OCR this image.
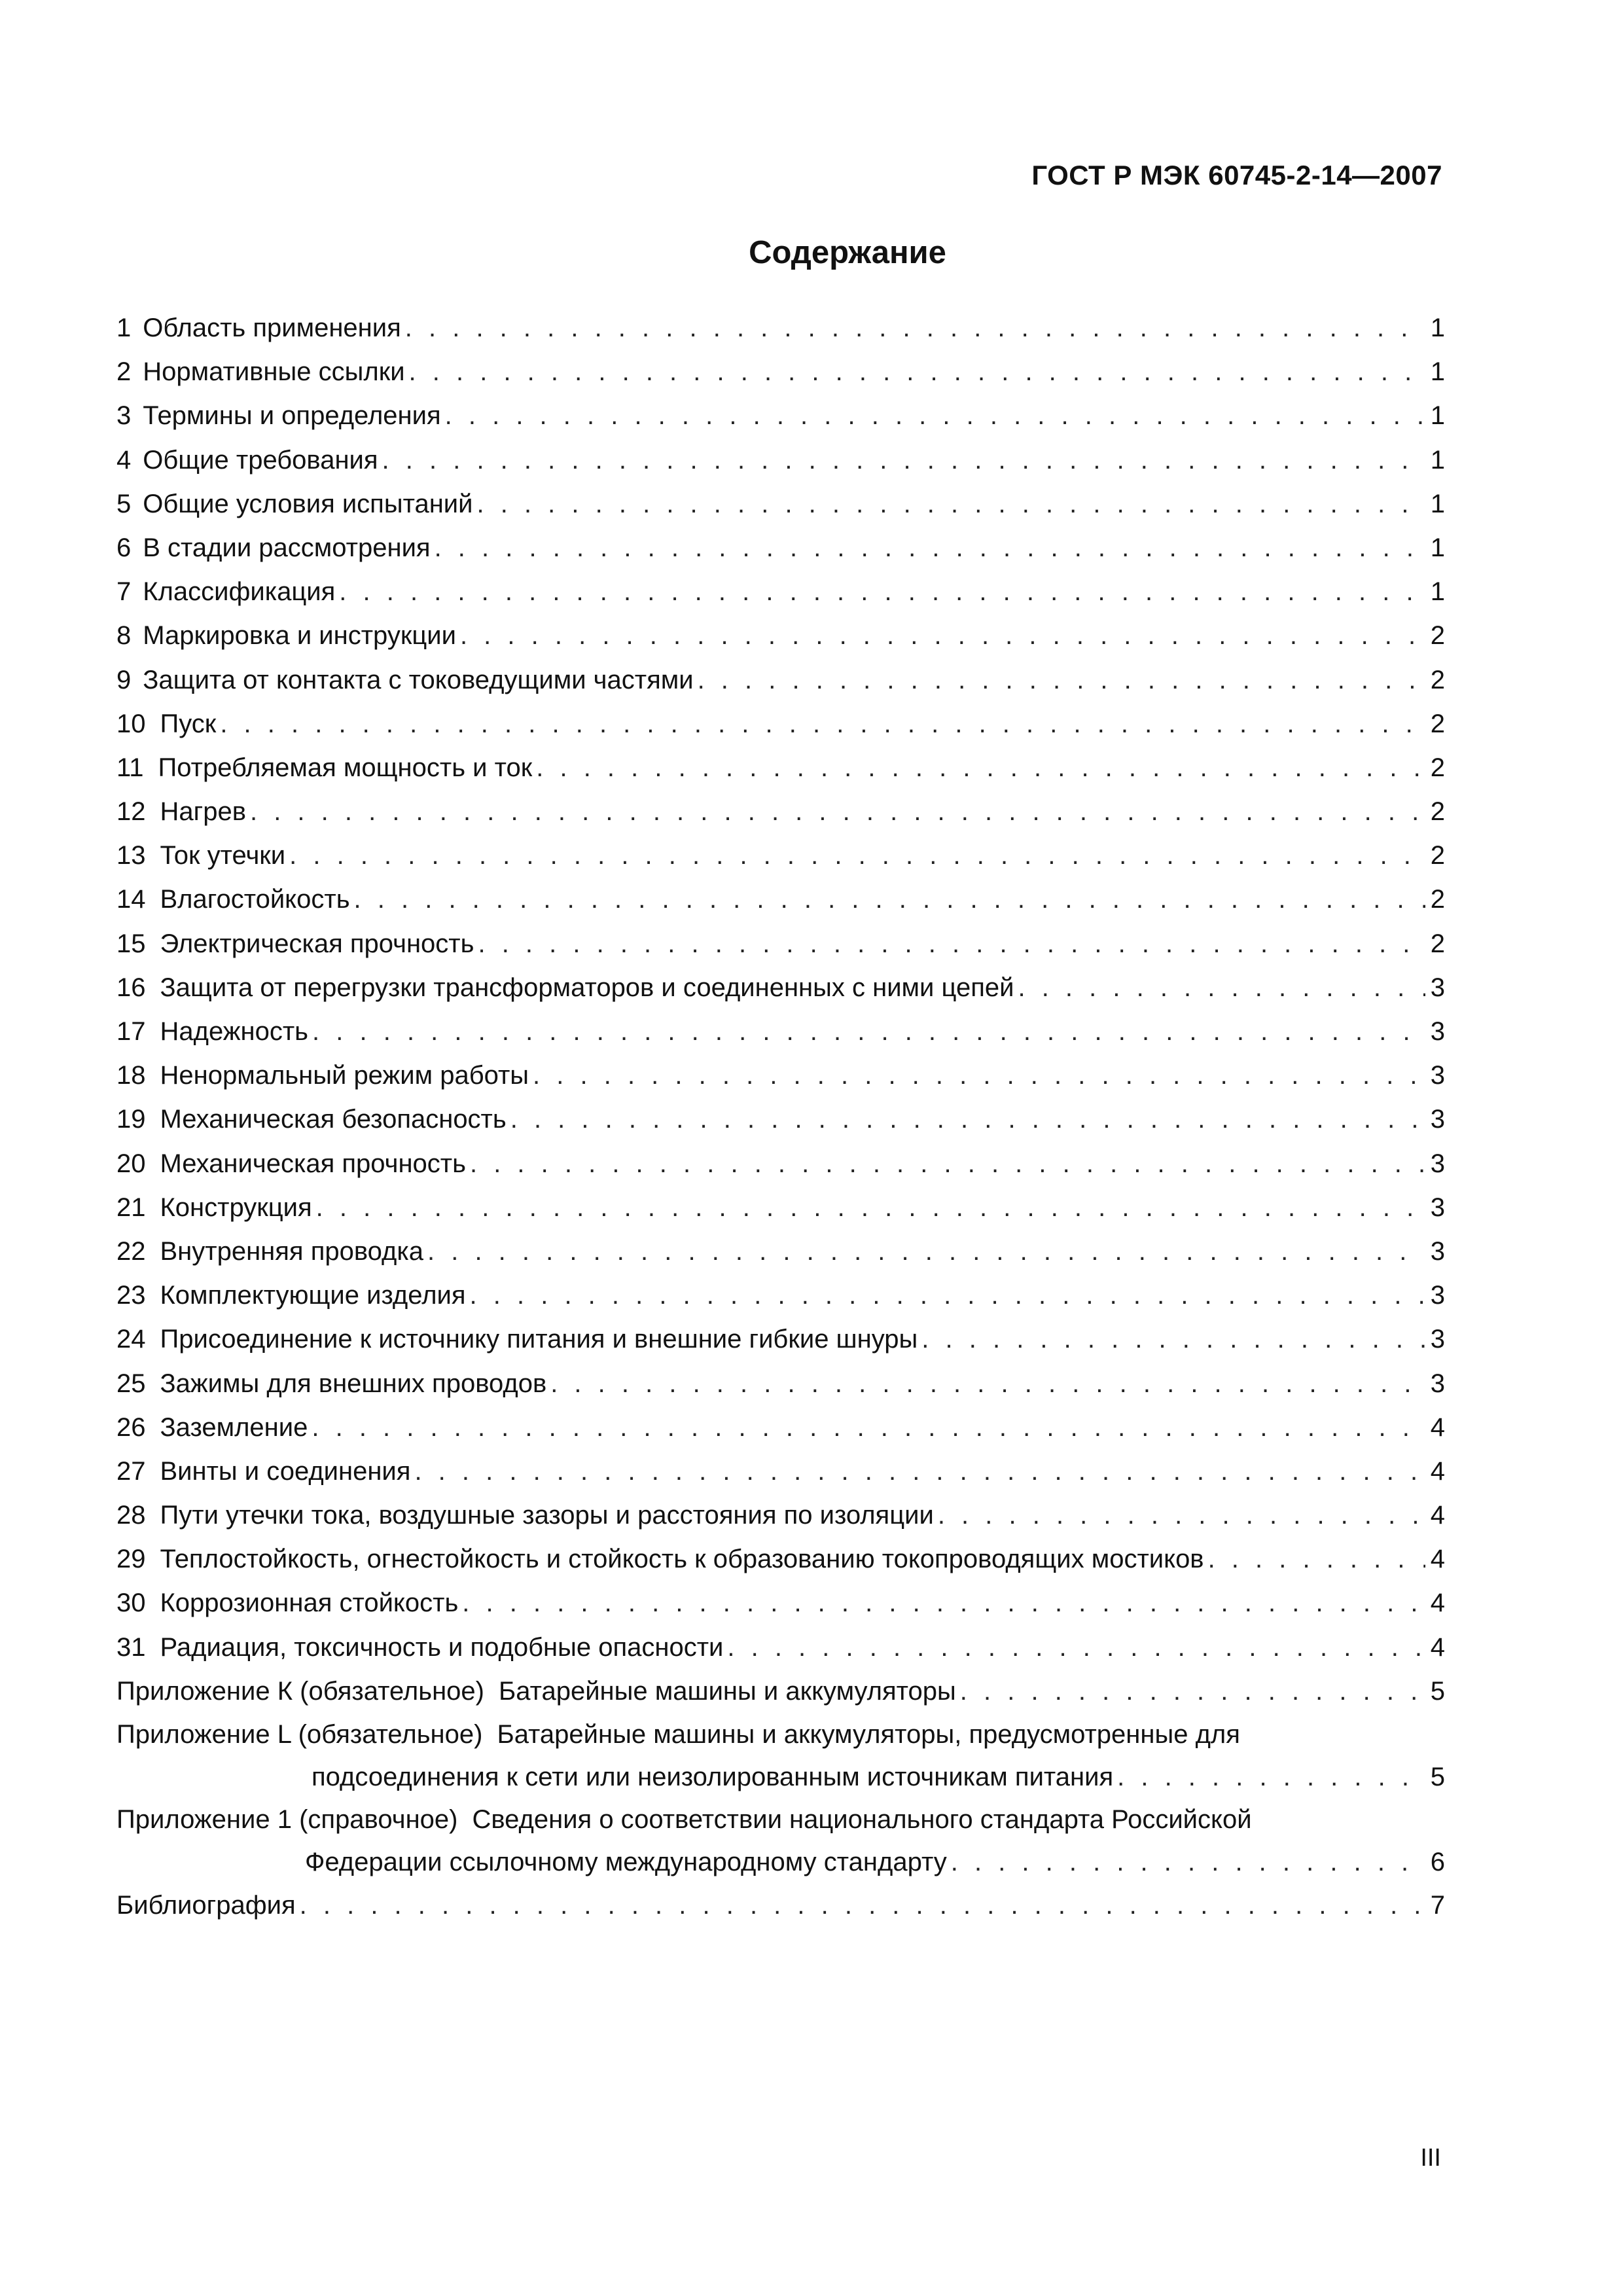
ГОСТ Р МЭК 60745-2-14—2007
Содержание
1 Область применения . . .	1
2 Нормативные ссылки . . .	1
3 Термины и определения . . .	1
4 Общие требования . . .	1
5 Общие условия испытаний . . .	1
6 В стадии рассмотрения . . .	1
7 Классификация . . .	1
8 Маркировка и инструкции . . .	2
9 Защита от контакта с токоведущими частями . . .	2
10 Пуск . . .	2
11 Потребляемая мощность и ток . . .	2
12 Нагрев . . .	2
13 Ток утечки . . .	2
14 Влагостойкость . . .	2
15 Электрическая прочность . . .	2
16 Защита от перегрузки трансформаторов и соединенных с ними цепей . . .	3
17 Надежность . . .	3
18 Ненормальный режим работы . . .	3
19 Механическая безопасность . . .	3
20 Механическая прочность . . .	3
21 Конструкция . . .	3
22 Внутренняя проводка . . .	3
23 Комплектующие изделия . . .	3
24 Присоединение к источнику питания и внешние гибкие шнуры . . .	3
25 Зажимы для внешних проводов . . .	3
26 Заземление . . .	4
27 Винты и соединения . . .	4
28 Пути утечки тока, воздушные зазоры и расстояния по изоляции . . .	4
29 Теплостойкость, огнестойкость и стойкость к образованию токопроводящих мостиков . . .	4
30 Коррозионная стойкость . . .	4
31 Радиация, токсичность и подобные опасности . . .	4
Приложение К (обязательное) Батарейные машины и аккумуляторы . . .	5
Приложение L (обязательное) Батарейные машины и аккумуляторы, предусмотренные для
подсоединения к сети или неизолированным источникам питания . . .	5
Приложение 1 (справочное) Сведения о соответствии национального стандарта Российской
Федерации ссылочному международному стандарту . . .	6
Библиография . . .	7
III
